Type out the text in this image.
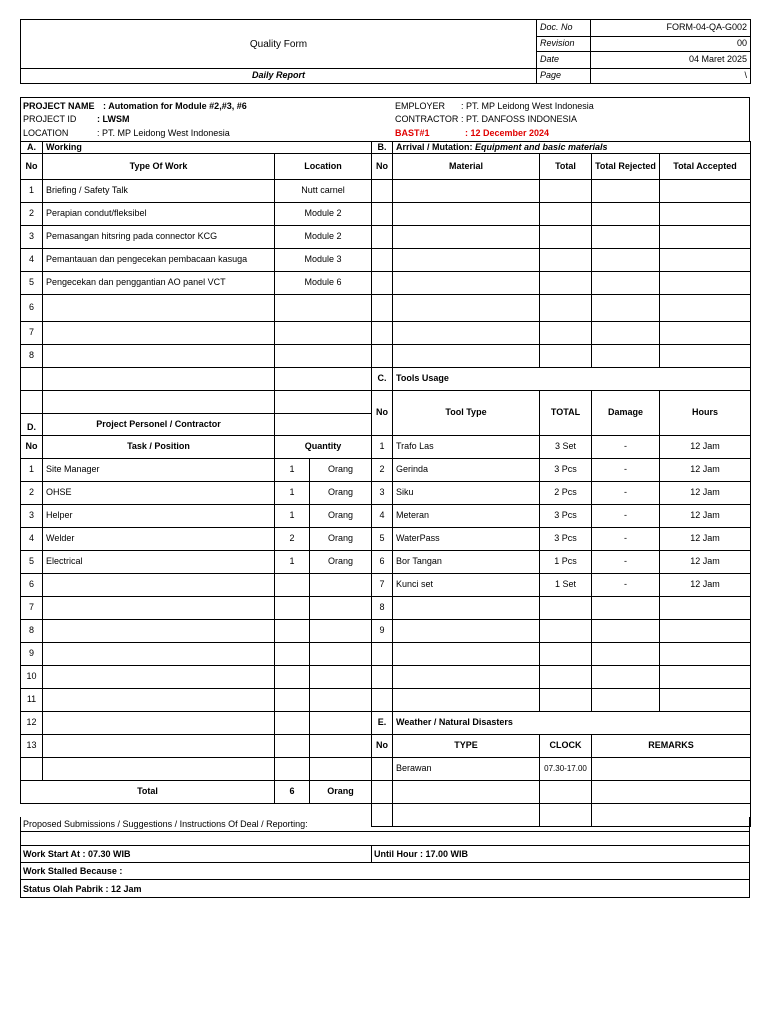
Quality Form	Doc. No	FORM-04-QA-G002
	Revision	00
	Date	04 Maret 2025
Daily Report	Page	\
PROJECT NAME : Automation for Module #2,#3, #6
PROJECT ID : LWSM
LOCATION	: PT. MP Leidong West Indonesia
EMPLOYER : PT. MP Leidong West Indonesia
CONTRACTOR : PT. DANFOSS INDONESIA
BAST#1	: 12 December 2024
A.	Working		
No	Type Of Work	Location	
1	Briefing / Safety Talk	Nutt carnel	
2	Perapian condut/fleksibel	Module 2	
3	Pemasangan hitsring pada connector KCG	Module 2	
4	Pemantauan dan pengecekan pembacaan kasuga	Module 3	
5	Pengecekan dan penggantian AO panel VCT	Module 6	
6			
7			
8			

D.	Project Personel / Contractor		
No	Task / Position	Quantity	
1	Site Manager	1	Orang
2	OHSE	1	Orang
3	Helper	1	Orang
4	Welder	2	Orang
5	Electrical	1	Orang
6			
7			
8			
9			
10			
11			
12			
13			

Total		6	Orang
B.	Arrival / Mutation: Equipment and basic materials			
No	Material	Total	Total Rejected	Total Accepted

C.	Tools Usage			
No	Tool Type	TOTAL	Damage	Hours
1	Trafo Las	3 Set	-	12 Jam
2	Gerinda	3 Pcs	-	12 Jam
3	Siku	2 Pcs	-	12 Jam
4	Meteran	3 Pcs	-	12 Jam
5	WaterPass	3 Pcs	-	12 Jam
6	Bor Tangan	1 Pcs	-	12 Jam
7	Kunci set	1 Set	-	12 Jam
8				
9				

E.	Weather / Natural Disasters			
No	TYPE	CLOCK	REMARKS	
	Berawan	07.30-17.00		

Proposed Submissions / Suggestions / Instructions Of Deal / Reporting:
Work Start At : 07.30 WIB	Until Hour : 17.00 WIB
Work Stalled Because :
Status Olah Pabrik : 12 Jam
